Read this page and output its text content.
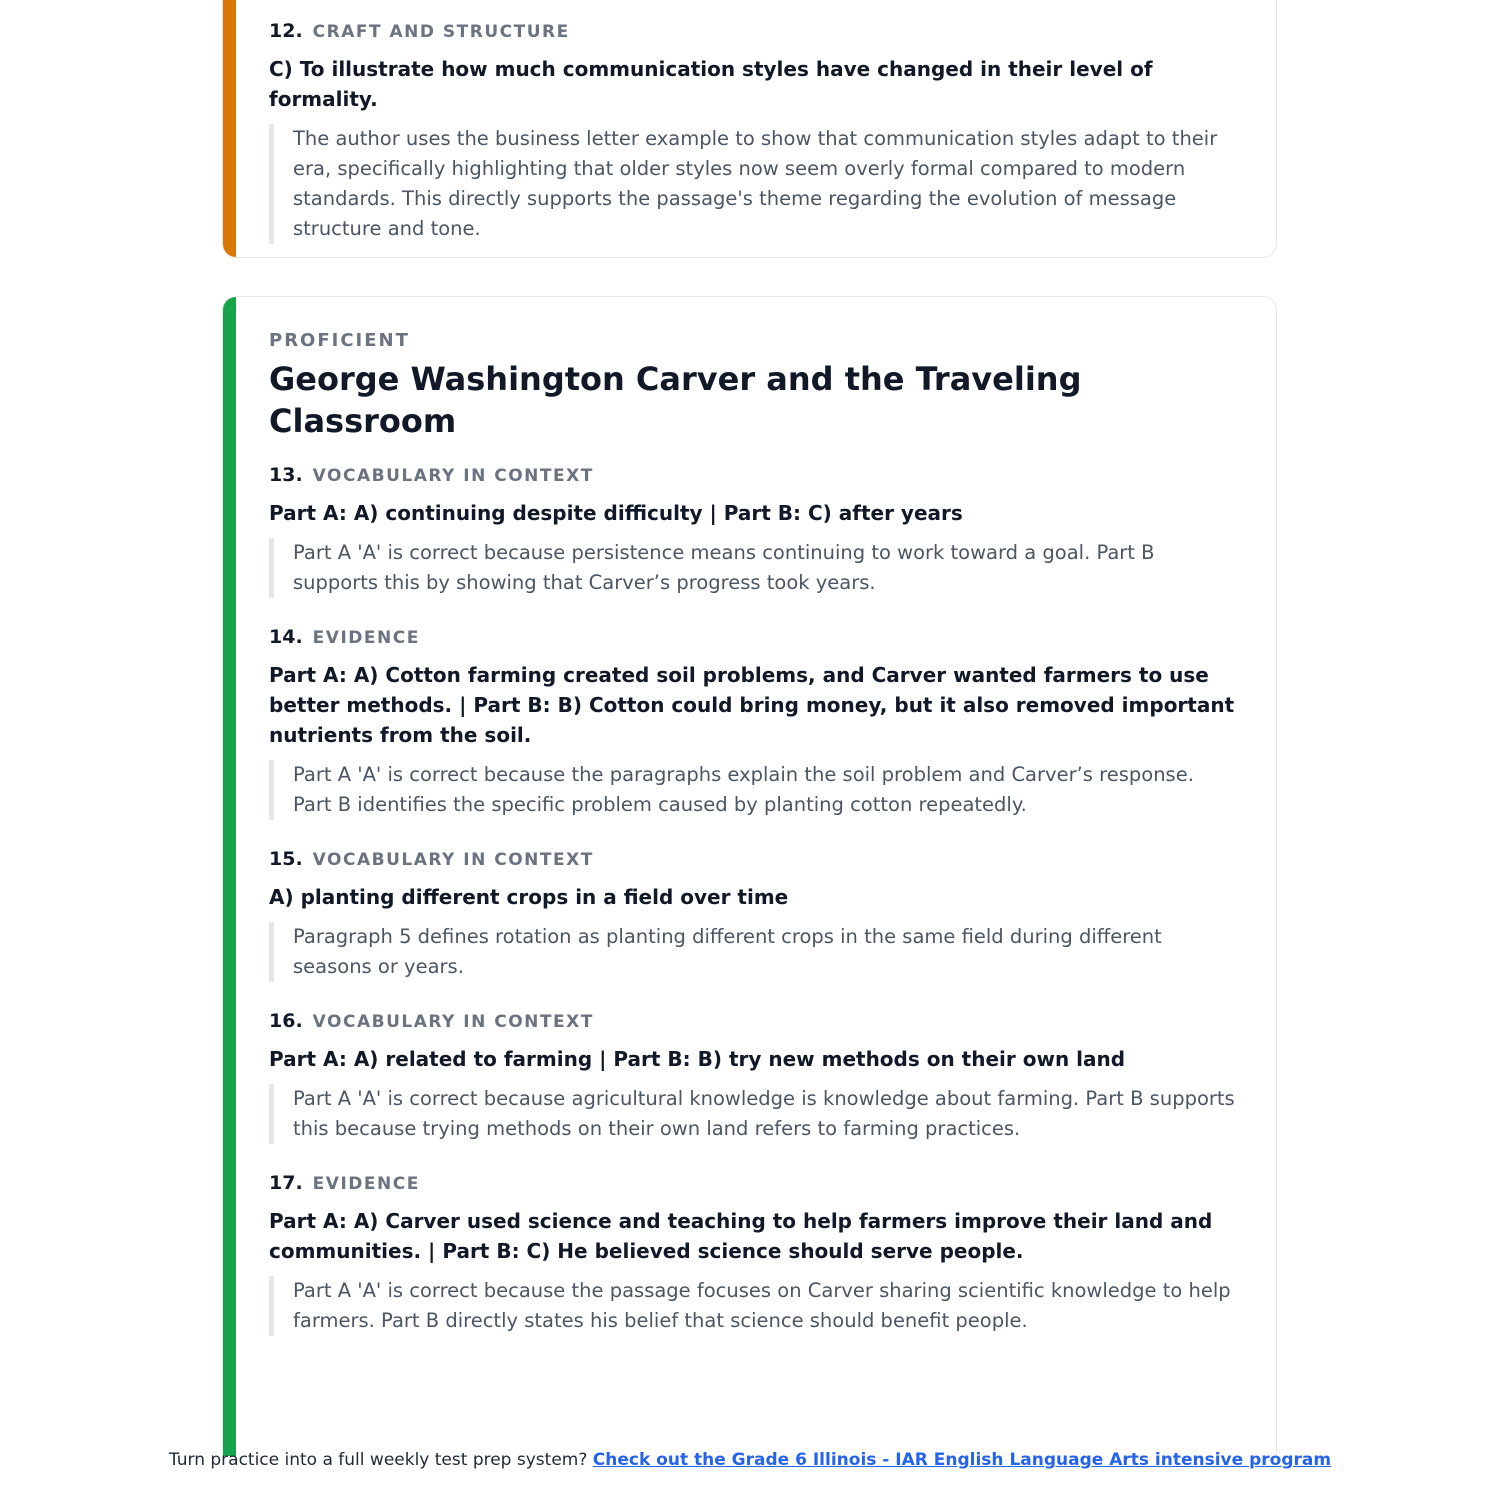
12. CRAFT AND STRUCTURE
C) To illustrate how much communication styles have changed in their level of formality.
The author uses the business letter example to show that communication styles adapt to their era, specifically highlighting that older styles now seem overly formal compared to modern standards. This directly supports the passage's theme regarding the evolution of message structure and tone.
PROFICIENT
George Washington Carver and the Traveling Classroom
13. VOCABULARY IN CONTEXT
Part A: A) continuing despite difficulty | Part B: C) after years
Part A 'A' is correct because persistence means continuing to work toward a goal. Part B supports this by showing that Carver’s progress took years.
14. EVIDENCE
Part A: A) Cotton farming created soil problems, and Carver wanted farmers to use better methods. | Part B: B) Cotton could bring money, but it also removed important nutrients from the soil.
Part A 'A' is correct because the paragraphs explain the soil problem and Carver’s response. Part B identifies the specific problem caused by planting cotton repeatedly.
15. VOCABULARY IN CONTEXT
A) planting different crops in a field over time
Paragraph 5 defines rotation as planting different crops in the same field during different seasons or years.
16. VOCABULARY IN CONTEXT
Part A: A) related to farming | Part B: B) try new methods on their own land
Part A 'A' is correct because agricultural knowledge is knowledge about farming. Part B supports this because trying methods on their own land refers to farming practices.
17. EVIDENCE
Part A: A) Carver used science and teaching to help farmers improve their land and communities. | Part B: C) He believed science should serve people.
Part A 'A' is correct because the passage focuses on Carver sharing scientific knowledge to help farmers. Part B directly states his belief that science should benefit people.
Turn practice into a full weekly test prep system? Check out the Grade 6 Illinois - IAR English Language Arts intensive program
